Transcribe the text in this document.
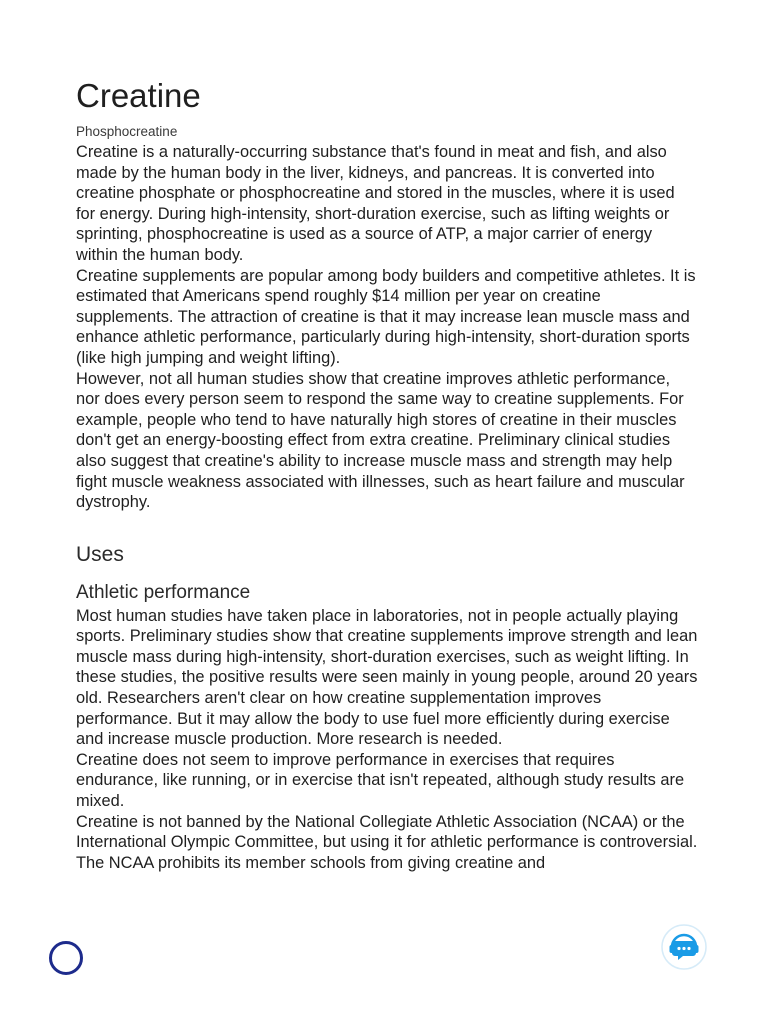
Creatine
Phosphocreatine

Creatine is a naturally-occurring substance that's found in meat and fish, and also made by the human body in the liver, kidneys, and pancreas. It is converted into creatine phosphate or phosphocreatine and stored in the muscles, where it is used for energy. During high-intensity, short-duration exercise, such as lifting weights or sprinting, phosphocreatine is used as a source of ATP, a major carrier of energy within the human body.

Creatine supplements are popular among body builders and competitive athletes. It is estimated that Americans spend roughly $14 million per year on creatine supplements. The attraction of creatine is that it may increase lean muscle mass and enhance athletic performance, particularly during high-intensity, short-duration sports (like high jumping and weight lifting).

However, not all human studies show that creatine improves athletic performance, nor does every person seem to respond the same way to creatine supplements. For example, people who tend to have naturally high stores of creatine in their muscles don't get an energy-boosting effect from extra creatine. Preliminary clinical studies also suggest that creatine's ability to increase muscle mass and strength may help fight muscle weakness associated with illnesses, such as heart failure and muscular dystrophy.

Uses
Athletic performance

Most human studies have taken place in laboratories, not in people actually playing sports. Preliminary studies show that creatine supplements improve strength and lean muscle mass during high-intensity, short-duration exercises, such as weight lifting. In these studies, the positive results were seen mainly in young people, around 20 years old. Researchers aren't clear on how creatine supplementation improves performance. But it may allow the body to use fuel more efficiently during exercise and increase muscle production. More research is needed.

Creatine does not seem to improve performance in exercises that requires endurance, like running, or in exercise that isn't repeated, although study results are mixed.

Creatine is not banned by the National Collegiate Athletic Association (NCAA) or the International Olympic Committee, but using it for athletic performance is controversial. The NCAA prohibits its member schools from giving creatine and
